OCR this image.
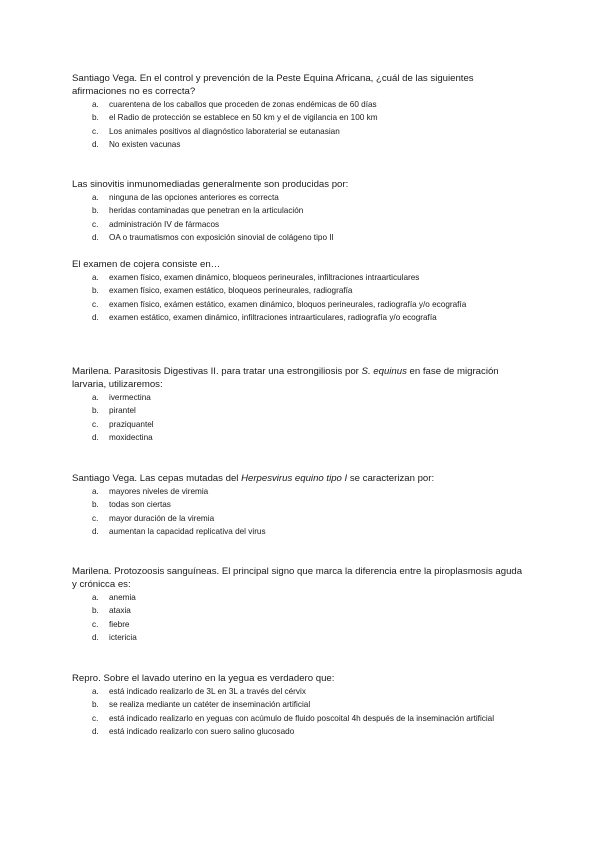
Santiago Vega. En el control y prevención de la Peste Equina Africana, ¿cuál de las siguientes afirmaciones no es correcta?

a. cuarentena de los caballos que proceden de zonas endémicas de 60 días
b. el Radio de protección se establece en 50 km y el de vigilancia en 100 km
c. Los animales positivos al diagnóstico laboraterial se eutanasian
d. No existen vacunas

Las sinovitis inmunomediadas generalmente son producidas por:

a. ninguna de las opciones anteriores es correcta
b. heridas contaminadas que penetran en la articulación
c. administración IV de fármacos
d. OA o traumatismos con exposición sinovial de colágeno tipo II

El examen de cojera consiste en…

a. examen físico, examen dinámico, bloqueos perineurales, infiltraciones intraarticulares
b. examen físico, examen estático, bloqueos perineurales, radiografía
c. examen físico, exámen estático, examen dinámico, bloquos perineurales, radiografía y/o ecografía
d. examen estático, examen dinámico, infiltraciones intraarticulares, radiografía y/o ecografía

Marilena. Parasitosis Digestivas II. para tratar una estrongiliosis por S. equinus en fase de migración larvaria, utilizaremos:

a. ivermectina
b. pirantel
c. praziquantel
d. moxidectina

Santiago Vega. Las cepas mutadas del Herpesvirus equino tipo I se caracterizan por:

a. mayores niveles de viremia
b. todas son ciertas
c. mayor duración de la viremia
d. aumentan la capacidad replicativa del virus

Marilena. Protozoosis sanguíneas. El principal signo que marca la diferencia entre la piroplasmosis aguda y crónicca es:

a. anemia
b. ataxia
c. fiebre
d. ictericia

Repro. Sobre el lavado uterino en la yegua es verdadero que:

a. está indicado realizarlo de 3L en 3L a través del cérvix
b. se realiza mediante un catéter de inseminación artificial
c. está indicado realizarlo en yeguas con acúmulo de fluido poscoital 4h después de la inseminación artificial
d. está indicado realizarlo con suero salino glucosado
